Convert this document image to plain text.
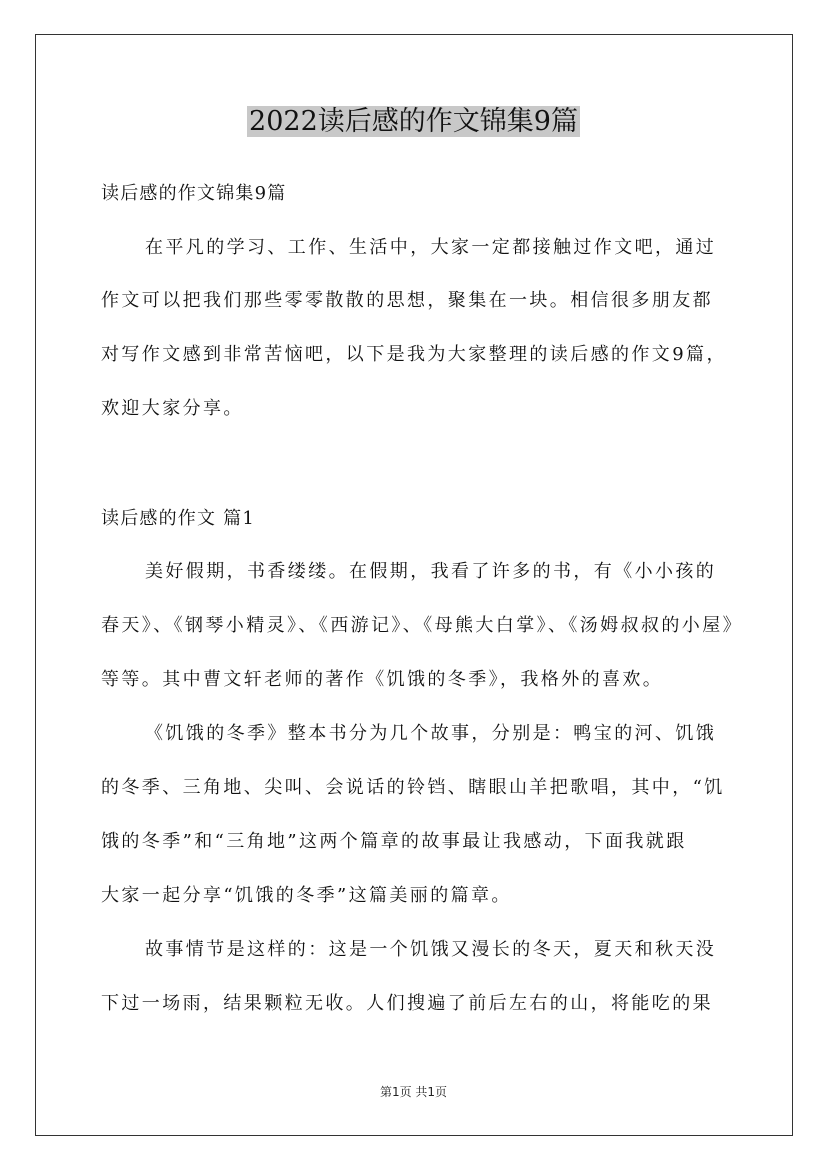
2022读后感的作文锦集9篇
读后感的作文锦集9篇
在平凡的学习、工作、生活中，大家一定都接触过作文吧，通过
作文可以把我们那些零零散散的思想，聚集在一块。相信很多朋友都
对写作文感到非常苦恼吧，以下是我为大家整理的读后感的作文9篇，
欢迎大家分享。
读后感的作文 篇1
美好假期，书香缕缕。在假期，我看了许多的书，有《小小孩的
春天》、《钢琴小精灵》、《西游记》、《母熊大白掌》、《汤姆叔叔的小屋》
等等。其中曹文轩老师的著作《饥饿的冬季》，我格外的喜欢。
《饥饿的冬季》整本书分为几个故事，分别是：鸭宝的河、饥饿
的冬季、三角地、尖叫、会说话的铃铛、瞎眼山羊把歌唱，其中，“饥
饿的冬季”和“三角地”这两个篇章的故事最让我感动，下面我就跟
大家一起分享“饥饿的冬季”这篇美丽的篇章。
故事情节是这样的：这是一个饥饿又漫长的冬天，夏天和秋天没
下过一场雨，结果颗粒无收。人们搜遍了前后左右的山，将能吃的果
第1页 共1页
